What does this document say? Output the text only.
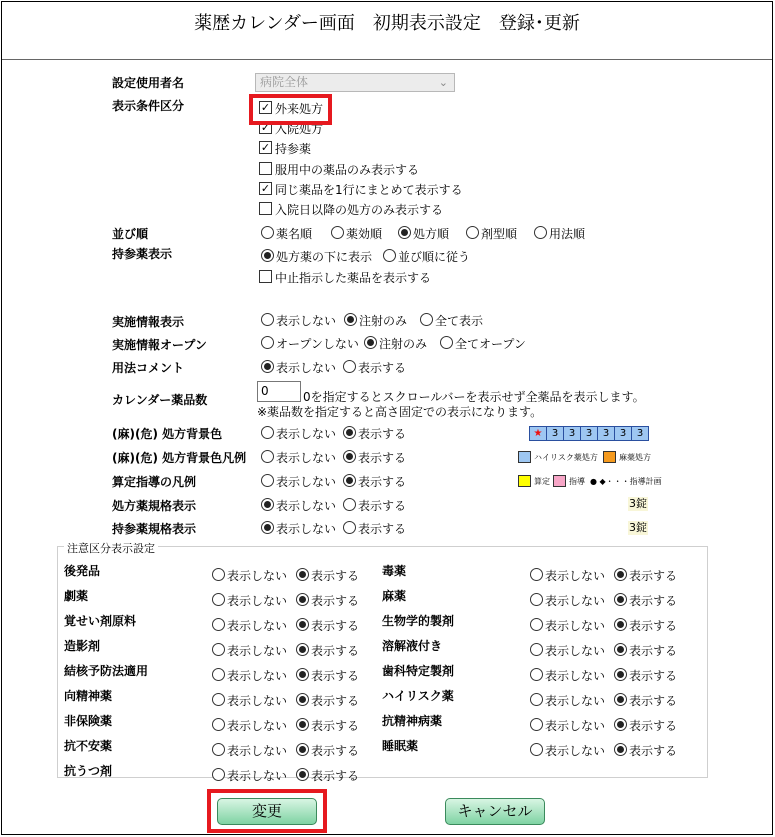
薬歴カレンダー画面　初期表示設定　登録･更新
設定使用者名	病院全体	⌄
表示条件区分	✓ 外来処方
✓ 入院処方
✓ 持参薬
服用中の薬品のみ表示する
✓ 同じ薬品を1行にまとめて表示する
入院日以降の処方のみ表示する
並び順	薬名順	薬効順	処方順	剤型順	用法順
持参薬表示	処方薬の下に表示 並び順に従う
中止指示した薬品を表示する
実施情報表示	表示しない 注射のみ 全て表示
実施情報オープン	オープンしない 注射のみ 全てオープン
用法コメント	表示しない 表示する
カレンダー薬品数
0	0を指定するとスクロールバーを表示せず全薬品を表示します。
※薬品数を指定すると高さ固定での表示になります。
(麻)(危) 処方背景色	表示しない 表示する
(麻)(危) 処方背景色凡例 表示しない 表示する
算定指導の凡例	表示しない 表示する
処方薬規格表示	表示しない 表示する
持参薬規格表示	表示しない 表示する
★ 3	3	3	3	3	3
ハイリスク薬処方	麻薬処方
算定 指導 ● ◆・・・指導計画
3錠
3錠
注意区分表示設定
後発品	表示しない 表示する
劇薬	表示しない 表示する
覚せい剤原料	表示しない 表示する
造影剤	表示しない 表示する
結核予防法適用	表示しない 表示する
向精神薬	表示しない 表示する
非保険薬	表示しない 表示する
抗不安薬	表示しない 表示する
抗うつ剤	表示しない 表示する
毒薬	表示しない 表示する
麻薬	表示しない 表示する
生物学的製剤	表示しない 表示する
溶解液付き	表示しない 表示する
歯科特定製剤	表示しない 表示する
ハイリスク薬	表示しない 表示する
抗精神病薬	表示しない 表示する
睡眠薬	表示しない 表示する
変更	キャンセル
